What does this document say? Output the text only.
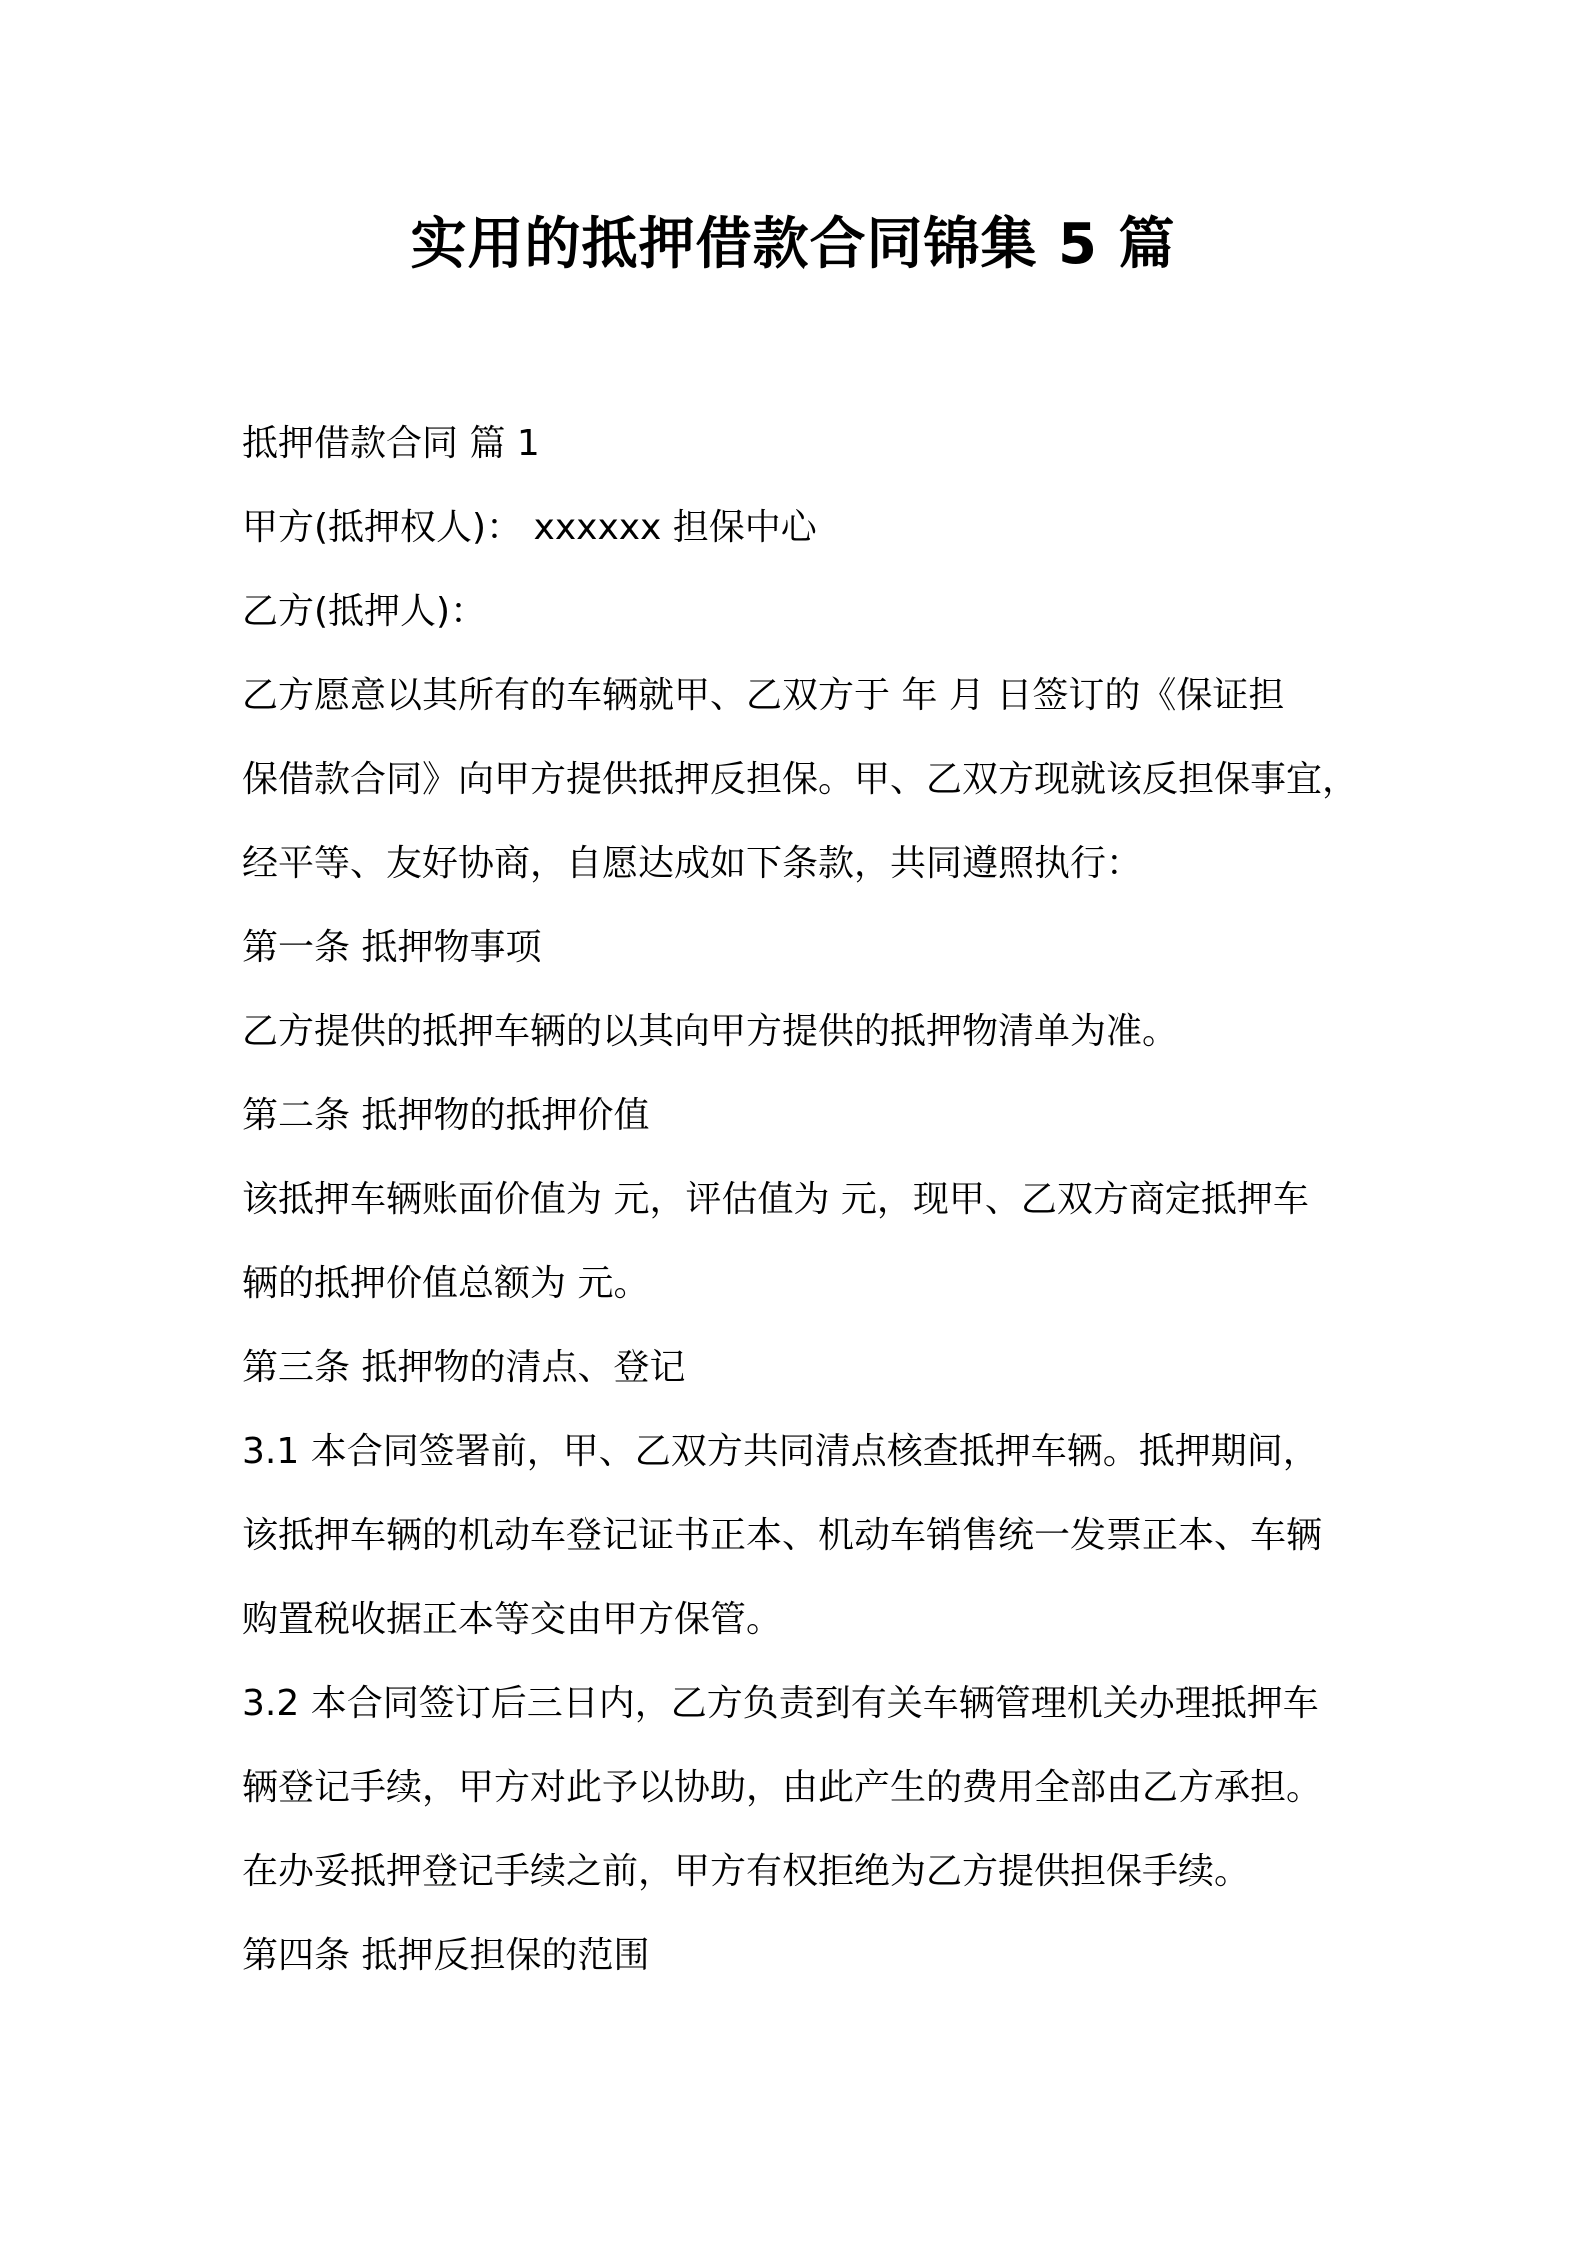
实用的抵押借款合同锦集 5 篇

抵押借款合同 篇 1

甲方(抵押权人)： xxxxxx 担保中心

乙方(抵押人)：

乙方愿意以其所有的车辆就甲、乙双方于 年 月 日签订的《保证担

保借款合同》向甲方提供抵押反担保。甲、乙双方现就该反担保事宜，

经平等、友好协商，自愿达成如下条款，共同遵照执行：

第一条 抵押物事项

乙方提供的抵押车辆的以其向甲方提供的抵押物清单为准。

第二条 抵押物的抵押价值

该抵押车辆账面价值为 元，评估值为 元，现甲、乙双方商定抵押车

辆的抵押价值总额为 元。

第三条 抵押物的清点、登记

3.1 本合同签署前，甲、乙双方共同清点核查抵押车辆。抵押期间，

该抵押车辆的机动车登记证书正本、机动车销售统一发票正本、车辆

购置税收据正本等交由甲方保管。

3.2 本合同签订后三日内，乙方负责到有关车辆管理机关办理抵押车

辆登记手续，甲方对此予以协助，由此产生的费用全部由乙方承担。

在办妥抵押登记手续之前，甲方有权拒绝为乙方提供担保手续。

第四条 抵押反担保的范围
